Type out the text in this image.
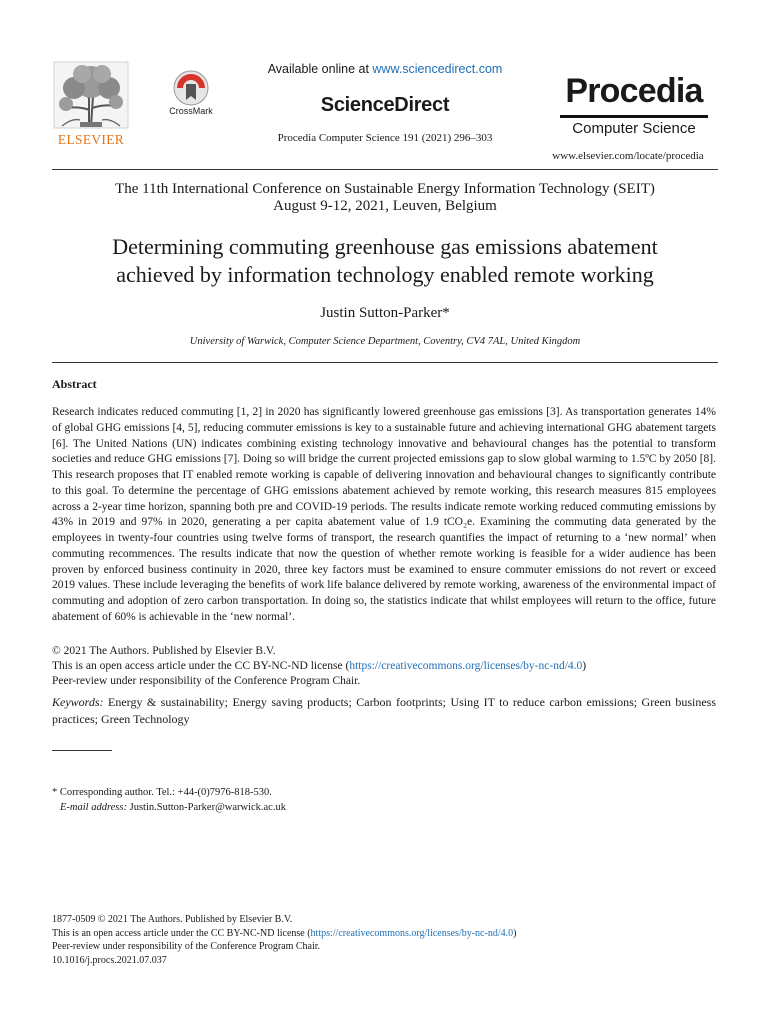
ELSEVIER
CrossMark
Available online at www.sciencedirect.com
ScienceDirect
Procedia Computer Science 191 (2021) 296–303
Procedia
Computer Science
www.elsevier.com/locate/procedia
The 11th International Conference on Sustainable Energy Information Technology (SEIT)
August 9-12, 2021, Leuven, Belgium
Determining commuting greenhouse gas emissions abatement
achieved by information technology enabled remote working
Justin Sutton-Parker*
University of Warwick, Computer Science Department, Coventry, CV4 7AL, United Kingdom
Abstract
Research indicates reduced commuting [1, 2] in 2020 has significantly lowered greenhouse gas emissions [3]. As transportation generates 14% of global GHG emissions [4, 5], reducing commuter emissions is key to a sustainable future and achieving international GHG abatement targets [6]. The United Nations (UN) indicates combining existing technology innovative and behavioural changes has the potential to transform societies and reduce GHG emissions [7]. Doing so will bridge the current projected emissions gap to slow global warming to 1.5ºC by 2050 [8]. This research proposes that IT enabled remote working is capable of delivering innovation and behavioural changes to significantly contribute to this goal. To determine the percentage of GHG emissions abatement achieved by remote working, this research measures 815 employees across a 2-year time horizon, spanning both pre and COVID-19 periods. The results indicate remote working reduced commuting emissions by 43% in 2019 and 97% in 2020, generating a per capita abatement value of 1.9 tCO₂e. Examining the commuting data generated by the employees in twenty-four countries using twelve forms of transport, the research quantifies the impact of returning to a ‘new normal’ when commuting recommences. The results indicate that now the question of whether remote working is feasible for a wider audience has been proven by enforced business continuity in 2020, three key factors must be examined to ensure commuter emissions do not revert or exceed 2019 values. These include leveraging the benefits of work life balance delivered by remote working, awareness of the environmental impact of commuting and adoption of zero carbon transportation. In doing so, the statistics indicate that whilst employees will return to the office, future abatement of 60% is achievable in the ‘new normal’.
© 2021 The Authors. Published by Elsevier B.V.
This is an open access article under the CC BY-NC-ND license (https://creativecommons.org/licenses/by-nc-nd/4.0)
Peer-review under responsibility of the Conference Program Chair.
Keywords: Energy & sustainability; Energy saving products; Carbon footprints; Using IT to reduce carbon emissions; Green business practices; Green Technology
* Corresponding author. Tel.: +44-(0)7976-818-530.
E-mail address: Justin.Sutton-Parker@warwick.ac.uk
1877-0509 © 2021 The Authors. Published by Elsevier B.V.
This is an open access article under the CC BY-NC-ND license (https://creativecommons.org/licenses/by-nc-nd/4.0)
Peer-review under responsibility of the Conference Program Chair.
10.1016/j.procs.2021.07.037
